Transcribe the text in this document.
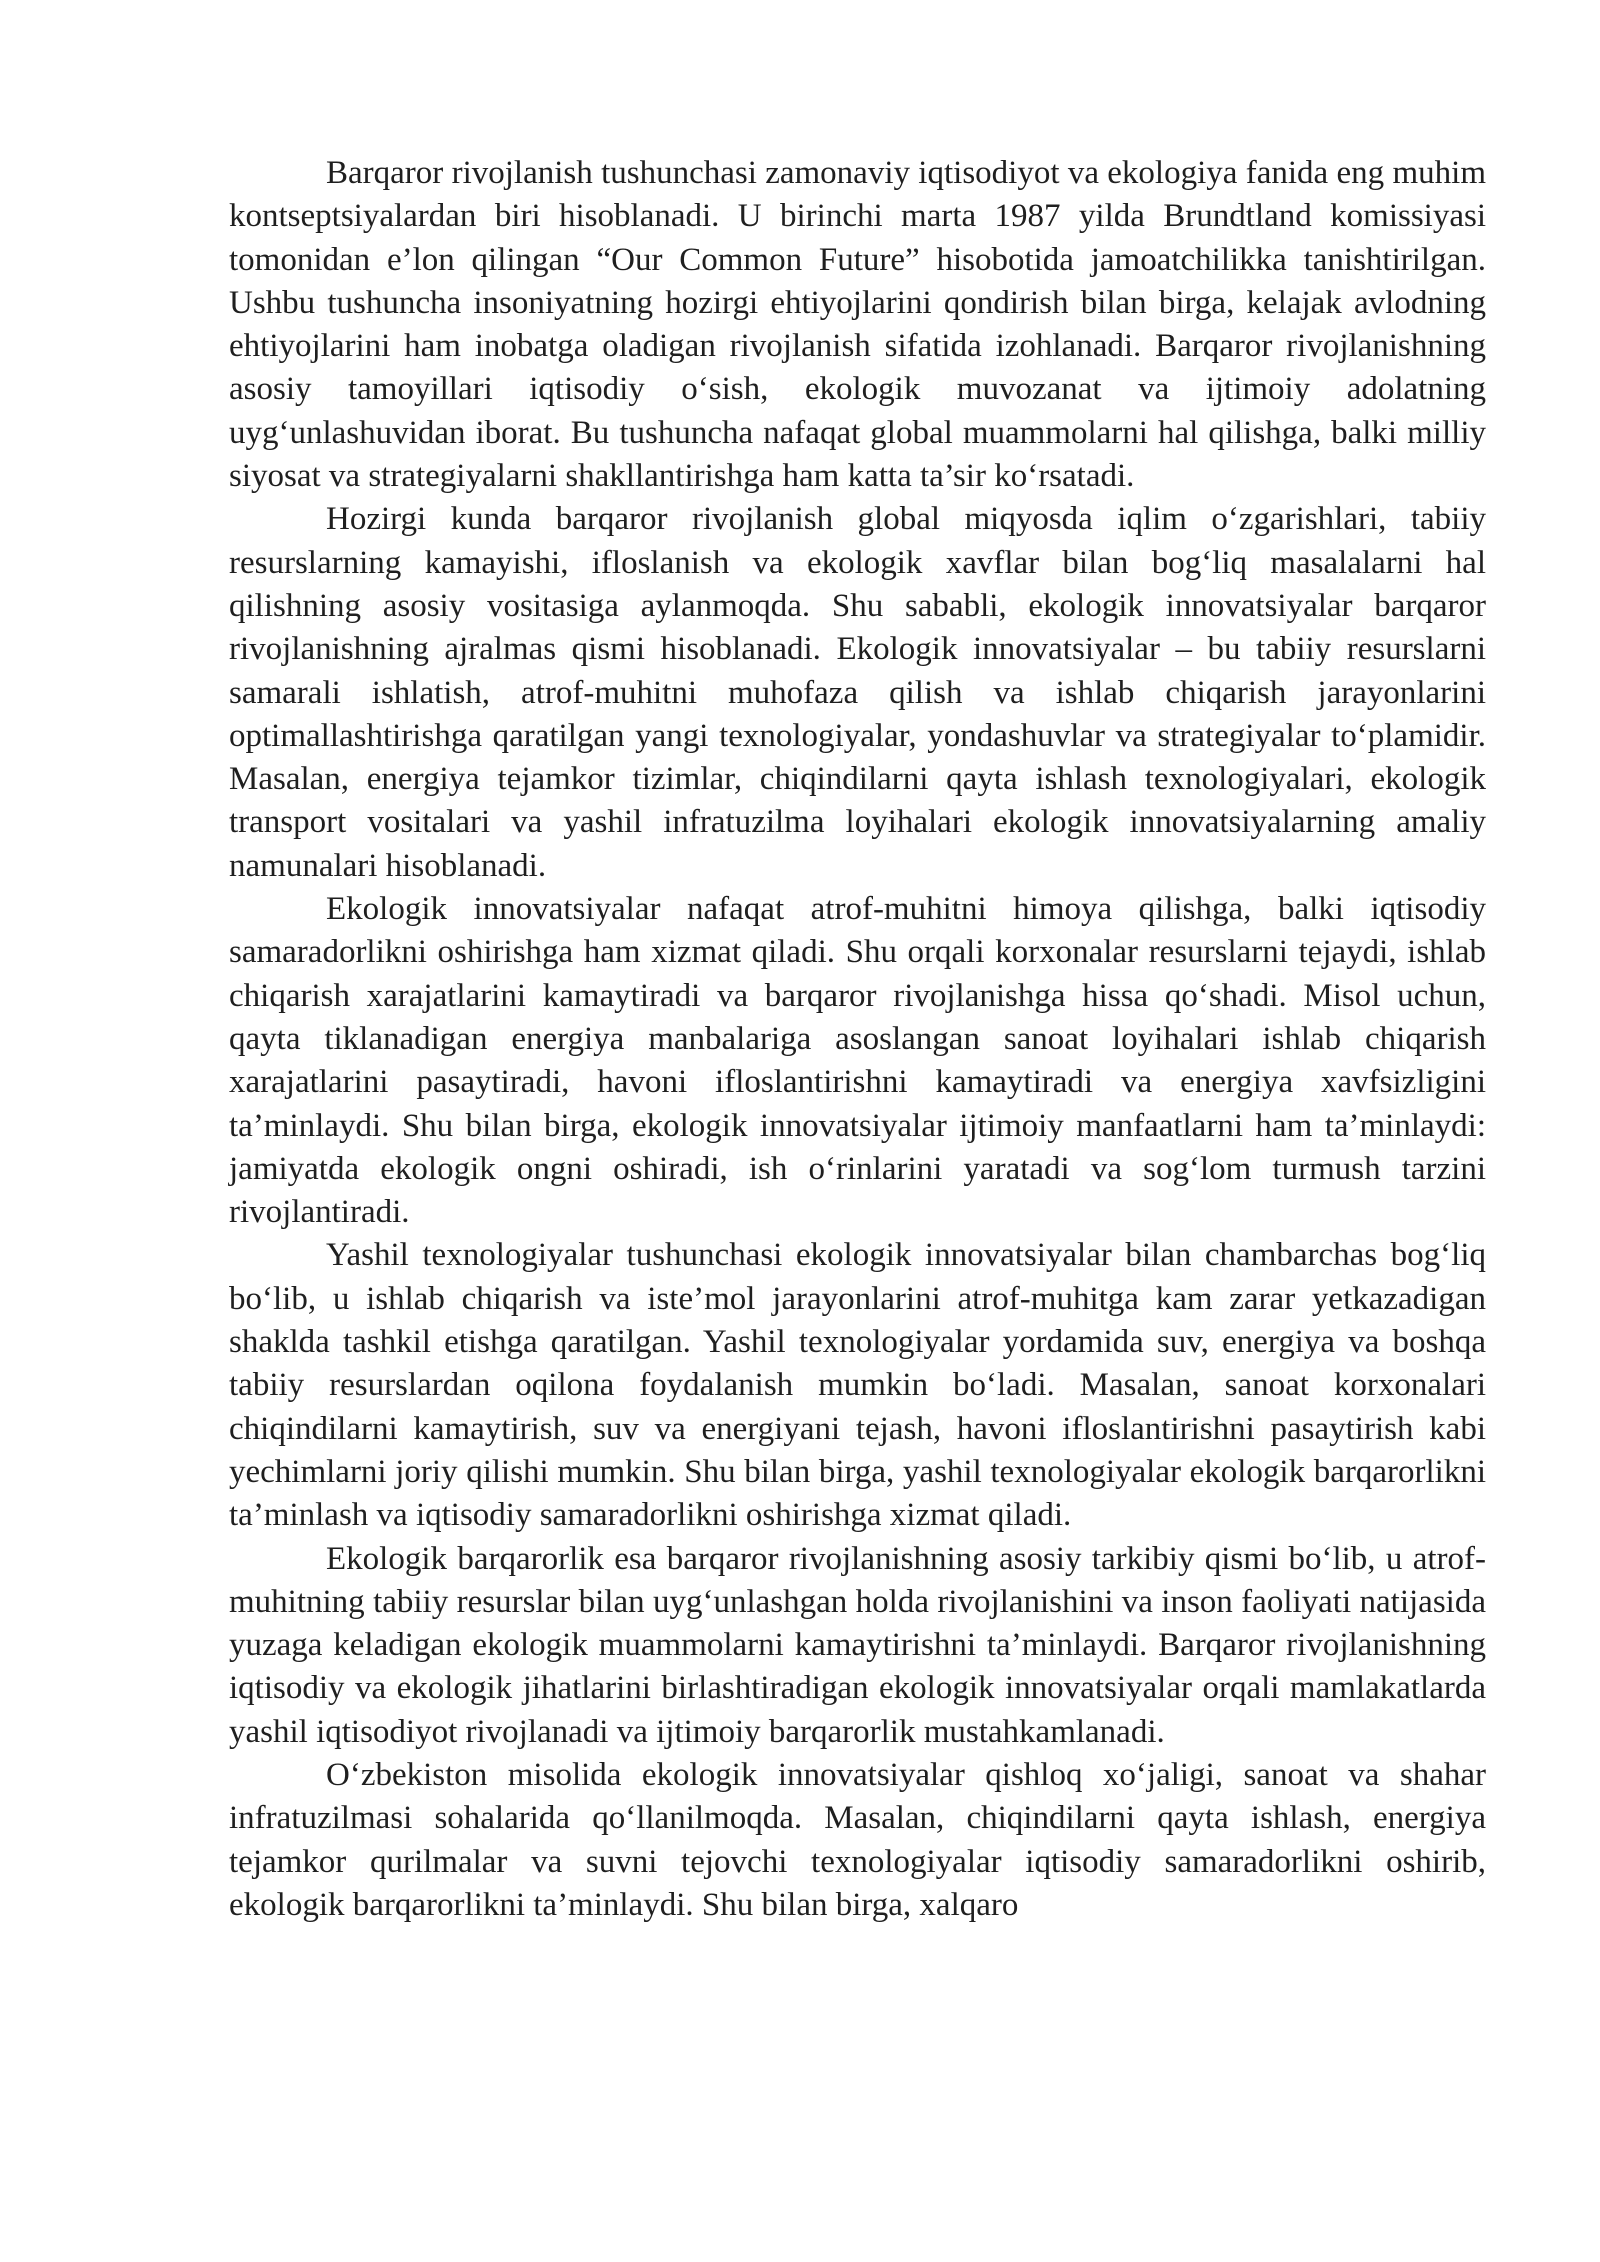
Barqaror rivojlanish tushunchasi zamonaviy iqtisodiyot va ekologiya fanida eng muhim kontseptsiyalardan biri hisoblanadi. U birinchi marta 1987 yilda Brundtland komissiyasi tomonidan e’lon qilingan “Our Common Future” hisobotida jamoatchilikka tanishtirilgan. Ushbu tushuncha insoniyatning hozirgi ehtiyojlarini qondirish bilan birga, kelajak avlodning ehtiyojlarini ham inobatga oladigan rivojlanish sifatida izohlanadi. Barqaror rivojlanishning asosiy tamoyillari iqtisodiy o‘sish, ekologik muvozanat va ijtimoiy adolatning uyg‘unlashuvidan iborat. Bu tushuncha nafaqat global muammolarni hal qilishga, balki milliy siyosat va strategiyalarni shakllantirishga ham katta ta’sir ko‘rsatadi.

Hozirgi kunda barqaror rivojlanish global miqyosda iqlim o‘zgarishlari, tabiiy resurslarning kamayishi, ifloslanish va ekologik xavflar bilan bog‘liq masalalarni hal qilishning asosiy vositasiga aylanmoqda. Shu sababli, ekologik innovatsiyalar barqaror rivojlanishning ajralmas qismi hisoblanadi. Ekologik innovatsiyalar – bu tabiiy resurslarni samarali ishlatish, atrof-muhitni muhofaza qilish va ishlab chiqarish jarayonlarini optimallashtirishga qaratilgan yangi texnologiyalar, yondashuvlar va strategiyalar to‘plamidir. Masalan, energiya tejamkor tizimlar, chiqindilarni qayta ishlash texnologiyalari, ekologik transport vositalari va yashil infratuzilma loyihalari ekologik innovatsiyalarning amaliy namunalari hisoblanadi.

Ekologik innovatsiyalar nafaqat atrof-muhitni himoya qilishga, balki iqtisodiy samaradorlikni oshirishga ham xizmat qiladi. Shu orqali korxonalar resurslarni tejaydi, ishlab chiqarish xarajatlarini kamaytiradi va barqaror rivojlanishga hissa qo‘shadi. Misol uchun, qayta tiklanadigan energiya manbalariga asoslangan sanoat loyihalari ishlab chiqarish xarajatlarini pasaytiradi, havoni ifloslantirishni kamaytiradi va energiya xavfsizligini ta’minlaydi. Shu bilan birga, ekologik innovatsiyalar ijtimoiy manfaatlarni ham ta’minlaydi: jamiyatda ekologik ongni oshiradi, ish o‘rinlarini yaratadi va sog‘lom turmush tarzini rivojlantiradi.

Yashil texnologiyalar tushunchasi ekologik innovatsiyalar bilan chambarchas bog‘liq bo‘lib, u ishlab chiqarish va iste’mol jarayonlarini atrof-muhitga kam zarar yetkazadigan shaklda tashkil etishga qaratilgan. Yashil texnologiyalar yordamida suv, energiya va boshqa tabiiy resurslardan oqilona foydalanish mumkin bo‘ladi. Masalan, sanoat korxonalari chiqindilarni kamaytirish, suv va energiyani tejash, havoni ifloslantirishni pasaytirish kabi yechimlarni joriy qilishi mumkin. Shu bilan birga, yashil texnologiyalar ekologik barqarorlikni ta’minlash va iqtisodiy samaradorlikni oshirishga xizmat qiladi.

Ekologik barqarorlik esa barqaror rivojlanishning asosiy tarkibiy qismi bo‘lib, u atrof-muhitning tabiiy resurslar bilan uyg‘unlashgan holda rivojlanishini va inson faoliyati natijasida yuzaga keladigan ekologik muammolarni kamaytirishni ta’minlaydi. Barqaror rivojlanishning iqtisodiy va ekologik jihatlarini birlashtiradigan ekologik innovatsiyalar orqali mamlakatlarda yashil iqtisodiyot rivojlanadi va ijtimoiy barqarorlik mustahkamlanadi.

O‘zbekiston misolida ekologik innovatsiyalar qishloq xo‘jaligi, sanoat va shahar infratuzilmasi sohalarida qo‘llanilmoqda. Masalan, chiqindilarni qayta ishlash, energiya tejamkor qurilmalar va suvni tejovchi texnologiyalar iqtisodiy samaradorlikni oshirib, ekologik barqarorlikni ta’minlaydi. Shu bilan birga, xalqaro
